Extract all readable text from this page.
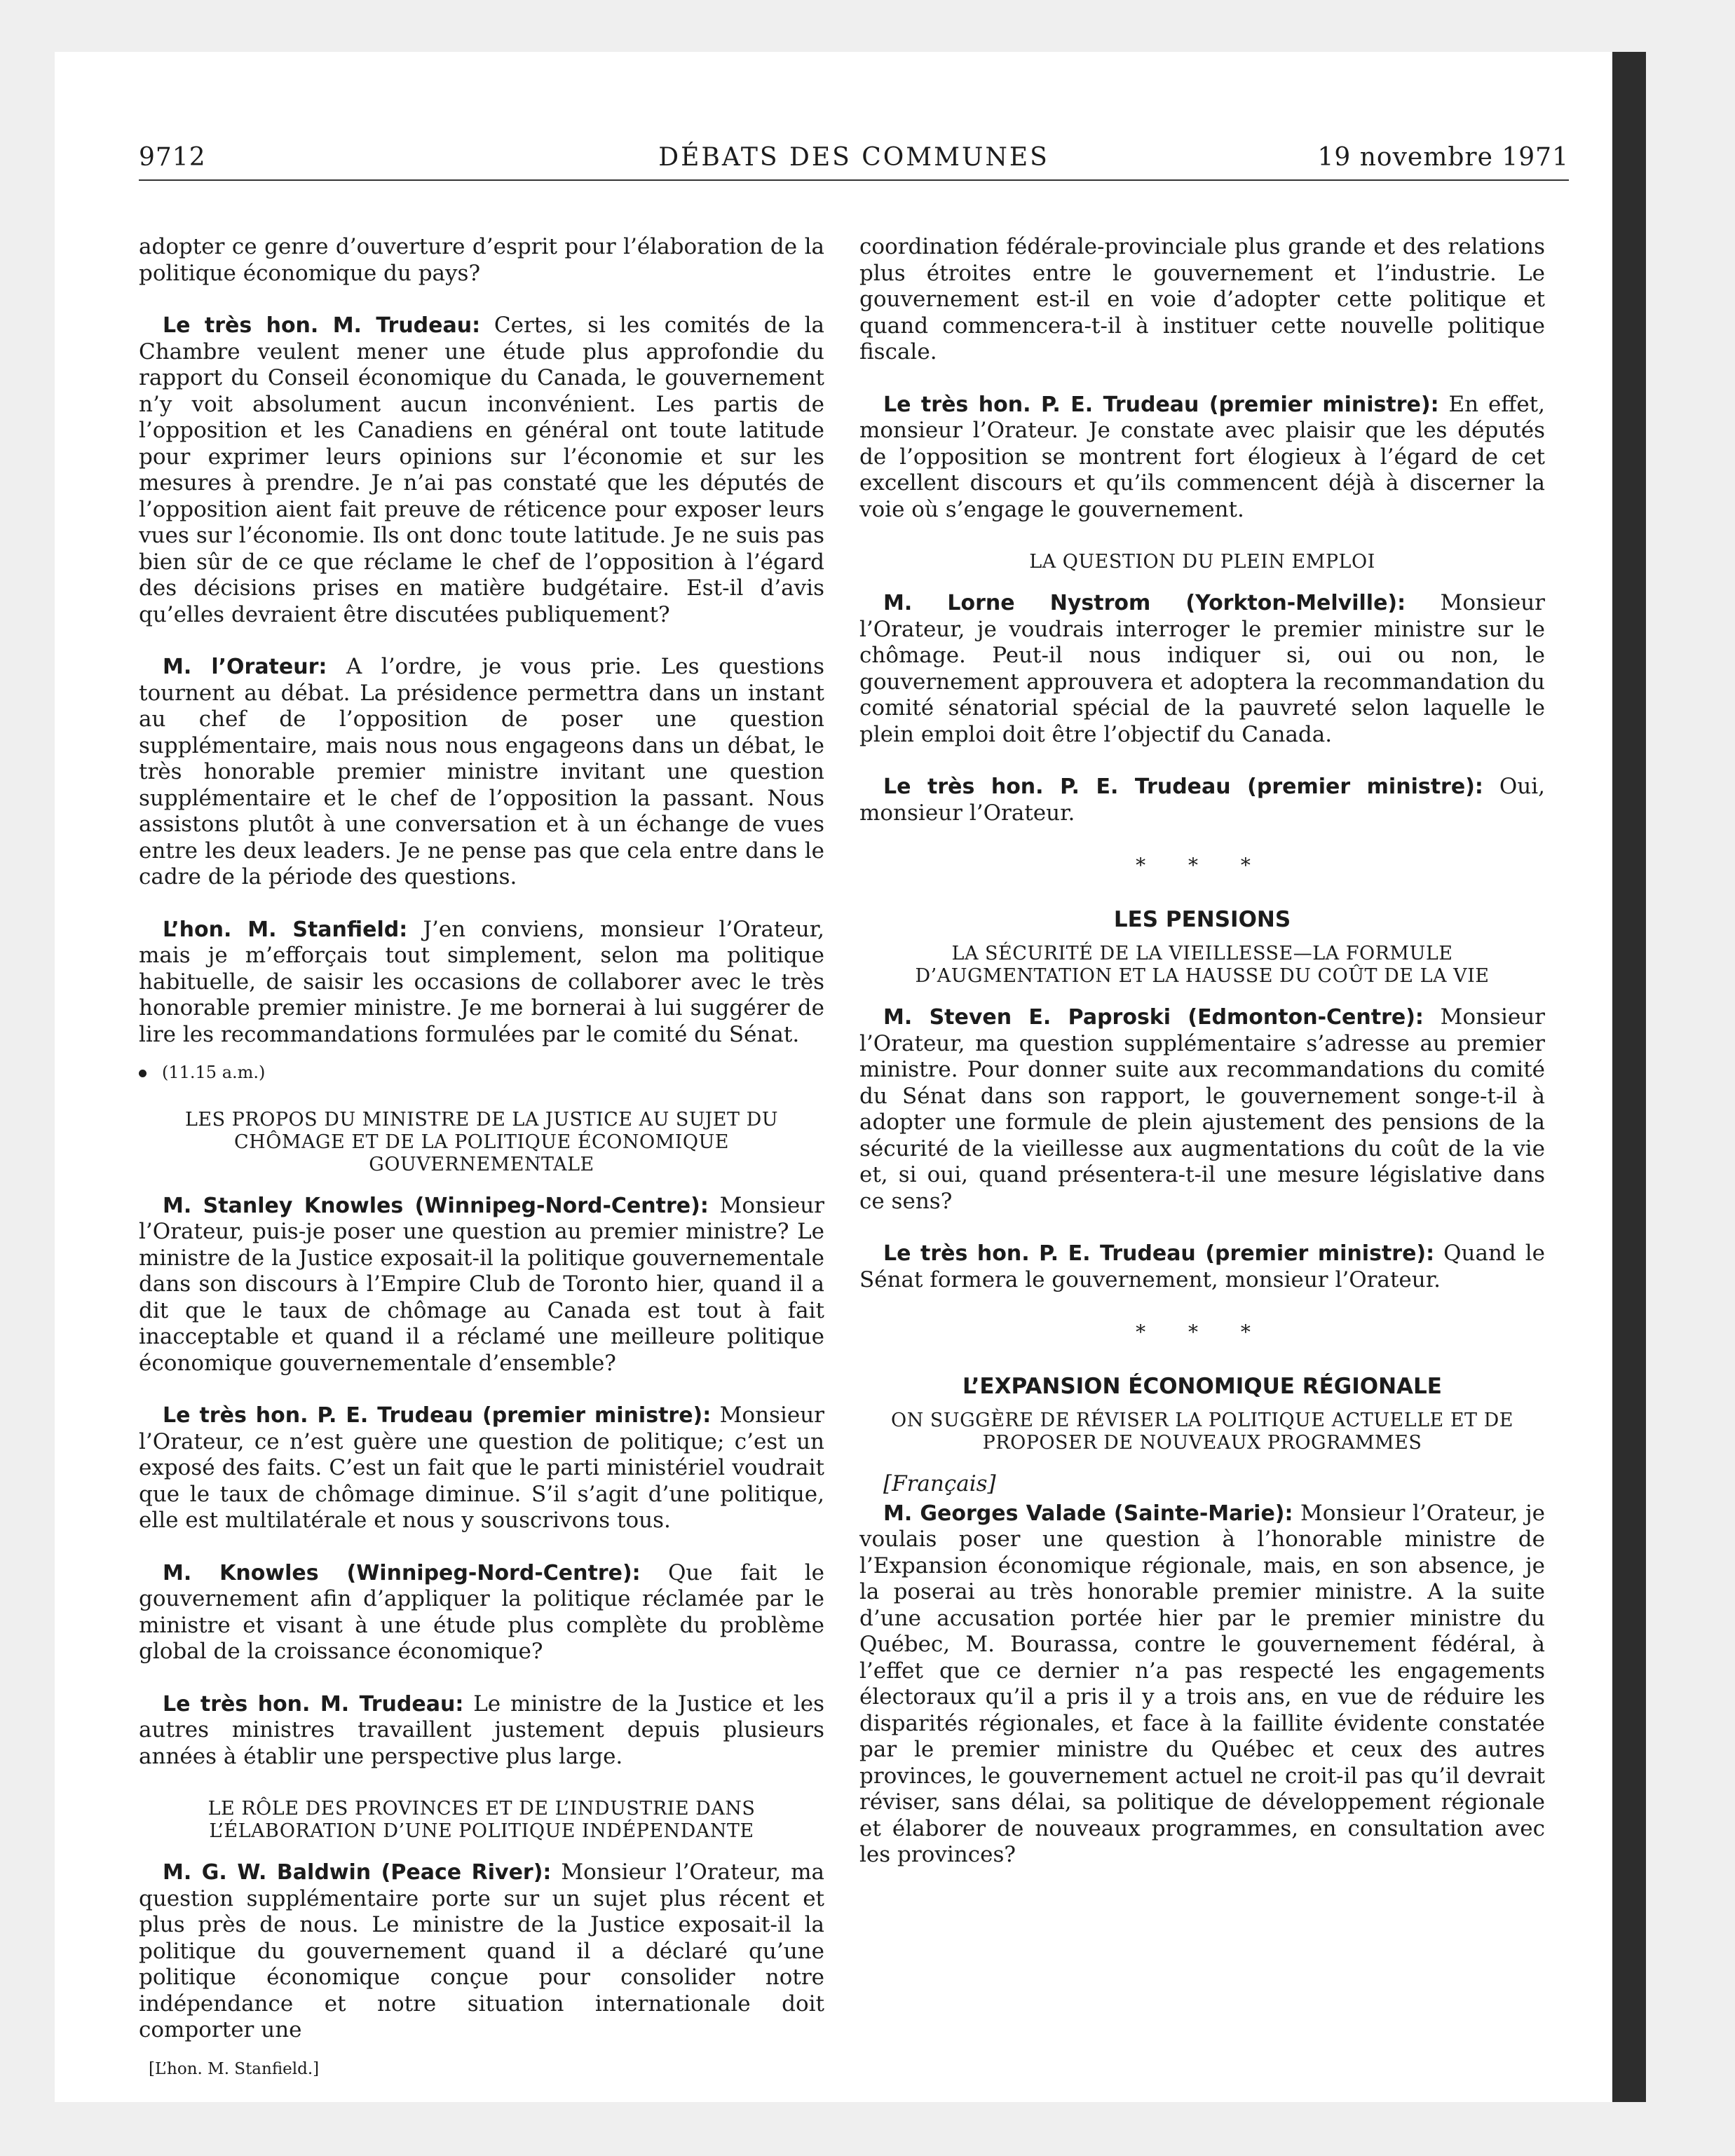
9712	DÉBATS DES COMMUNES	19 novembre 1971

adopter ce genre d’ouverture d’esprit pour l’élaboration de la politique économique du pays?

Le très hon. M. Trudeau: Certes, si les comités de la Chambre veulent mener une étude plus approfondie du rapport du Conseil économique du Canada, le gouvernement n’y voit absolument aucun inconvénient. Les partis de l’opposition et les Canadiens en général ont toute latitude pour exprimer leurs opinions sur l’économie et sur les mesures à prendre. Je n’ai pas constaté que les députés de l’opposition aient fait preuve de réticence pour exposer leurs vues sur l’économie. Ils ont donc toute latitude. Je ne suis pas bien sûr de ce que réclame le chef de l’opposition à l’égard des décisions prises en matière budgétaire. Est-il d’avis qu’elles devraient être discutées publiquement?

M. l’Orateur: A l’ordre, je vous prie. Les questions tournent au débat. La présidence permettra dans un instant au chef de l’opposition de poser une question supplémentaire, mais nous nous engageons dans un débat, le très honorable premier ministre invitant une question supplémentaire et le chef de l’opposition la passant. Nous assistons plutôt à une conversation et à un échange de vues entre les deux leaders. Je ne pense pas que cela entre dans le cadre de la période des questions.

L’hon. M. Stanfield: J’en conviens, monsieur l’Orateur, mais je m’efforçais tout simplement, selon ma politique habituelle, de saisir les occasions de collaborer avec le très honorable premier ministre. Je me bornerai à lui suggérer de lire les recommandations formulées par le comité du Sénat.

(11.15 a.m.)
LES PROPOS DU MINISTRE DE LA JUSTICE AU SUJET DU CHÔMAGE ET DE LA POLITIQUE ÉCONOMIQUE GOUVERNEMENTALE

M. Stanley Knowles (Winnipeg-Nord-Centre): Monsieur l’Orateur, puis-je poser une question au premier ministre? Le ministre de la Justice exposait-il la politique gouvernementale dans son discours à l’Empire Club de Toronto hier, quand il a dit que le taux de chômage au Canada est tout à fait inacceptable et quand il a réclamé une meilleure politique économique gouvernementale d’ensemble?

Le très hon. P. E. Trudeau (premier ministre): Monsieur l’Orateur, ce n’est guère une question de politique; c’est un exposé des faits. C’est un fait que le parti ministériel voudrait que le taux de chômage diminue. S’il s’agit d’une politique, elle est multilatérale et nous y souscrivons tous.

M. Knowles (Winnipeg-Nord-Centre): Que fait le gouvernement afin d’appliquer la politique réclamée par le ministre et visant à une étude plus complète du problème global de la croissance économique?

Le très hon. M. Trudeau: Le ministre de la Justice et les autres ministres travaillent justement depuis plusieurs années à établir une perspective plus large.

LE RÔLE DES PROVINCES ET DE L’INDUSTRIE DANS L’ÉLABORATION D’UNE POLITIQUE INDÉPENDANTE

M. G. W. Baldwin (Peace River): Monsieur l’Orateur, ma question supplémentaire porte sur un sujet plus récent et plus près de nous. Le ministre de la Justice exposait-il la politique du gouvernement quand il a déclaré qu’une politique économique conçue pour consolider notre indépendance et notre situation internationale doit comporter une

[L’hon. M. Stanfield.]

coordination fédérale-provinciale plus grande et des relations plus étroites entre le gouvernement et l’industrie. Le gouvernement est-il en voie d’adopter cette politique et quand commencera-t-il à instituer cette nouvelle politique fiscale.

Le très hon. P. E. Trudeau (premier ministre): En effet, monsieur l’Orateur. Je constate avec plaisir que les députés de l’opposition se montrent fort élogieux à l’égard de cet excellent discours et qu’ils commencent déjà à discerner la voie où s’engage le gouvernement.

LA QUESTION DU PLEIN EMPLOI

M. Lorne Nystrom (Yorkton-Melville): Monsieur l’Orateur, je voudrais interroger le premier ministre sur le chômage. Peut-il nous indiquer si, oui ou non, le gouvernement approuvera et adoptera la recommandation du comité sénatorial spécial de la pauvreté selon laquelle le plein emploi doit être l’objectif du Canada.

Le très hon. P. E. Trudeau (premier ministre): Oui, monsieur l’Orateur.

* * *
LES PENSIONS
LA SÉCURITÉ DE LA VIEILLESSE—LA FORMULE D’AUGMENTATION ET LA HAUSSE DU COÛT DE LA VIE

M. Steven E. Paproski (Edmonton-Centre): Monsieur l’Orateur, ma question supplémentaire s’adresse au premier ministre. Pour donner suite aux recommandations du comité du Sénat dans son rapport, le gouvernement songe-t-il à adopter une formule de plein ajustement des pensions de la sécurité de la vieillesse aux augmentations du coût de la vie et, si oui, quand présentera-t-il une mesure législative dans ce sens?

Le très hon. P. E. Trudeau (premier ministre): Quand le Sénat formera le gouvernement, monsieur l’Orateur.

* * *
L’EXPANSION ÉCONOMIQUE RÉGIONALE
ON SUGGÈRE DE RÉVISER LA POLITIQUE ACTUELLE ET DE PROPOSER DE NOUVEAUX PROGRAMMES

[Français]

M. Georges Valade (Sainte-Marie): Monsieur l’Orateur, je voulais poser une question à l’honorable ministre de l’Expansion économique régionale, mais, en son absence, je la poserai au très honorable premier ministre. A la suite d’une accusation portée hier par le premier ministre du Québec, M. Bourassa, contre le gouvernement fédéral, à l’effet que ce dernier n’a pas respecté les engagements électoraux qu’il a pris il y a trois ans, en vue de réduire les disparités régionales, et face à la faillite évidente constatée par le premier ministre du Québec et ceux des autres provinces, le gouvernement actuel ne croit-il pas qu’il devrait réviser, sans délai, sa politique de développement régionale et élaborer de nouveaux programmes, en consultation avec les provinces?
